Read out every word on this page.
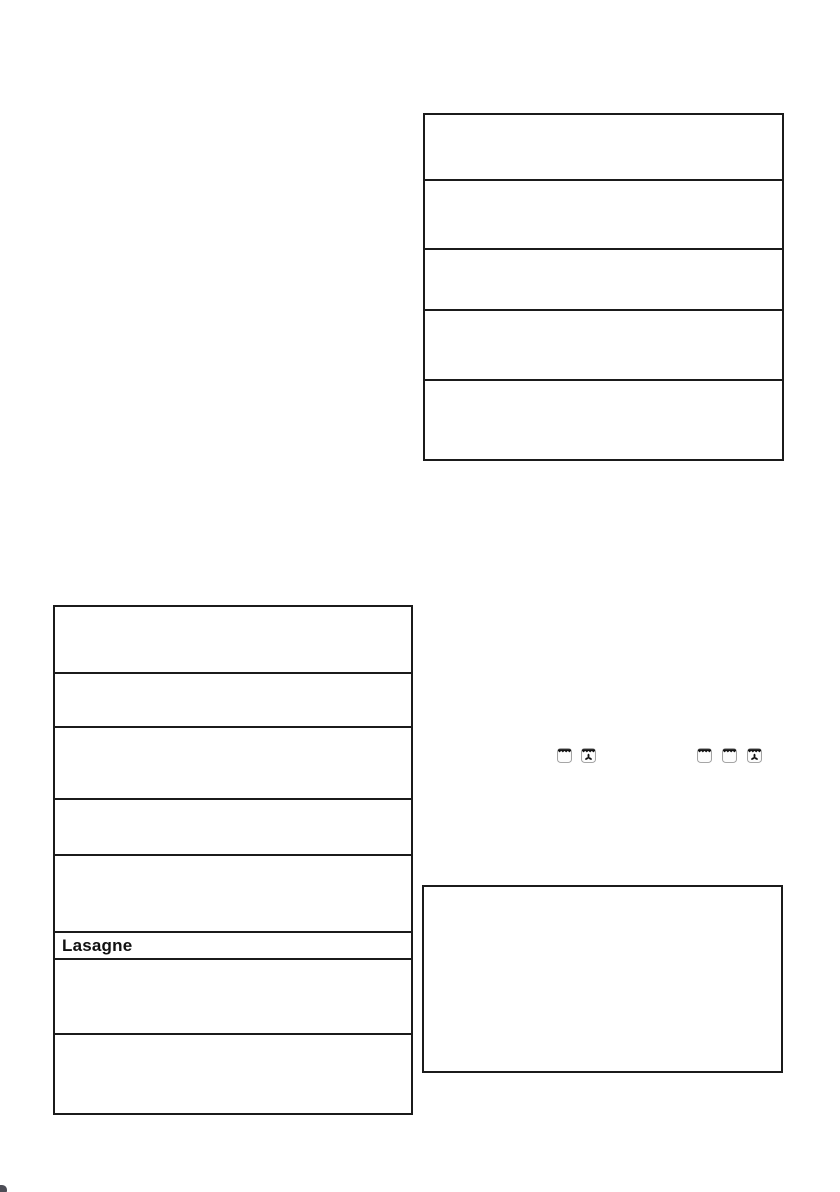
Lasagne
